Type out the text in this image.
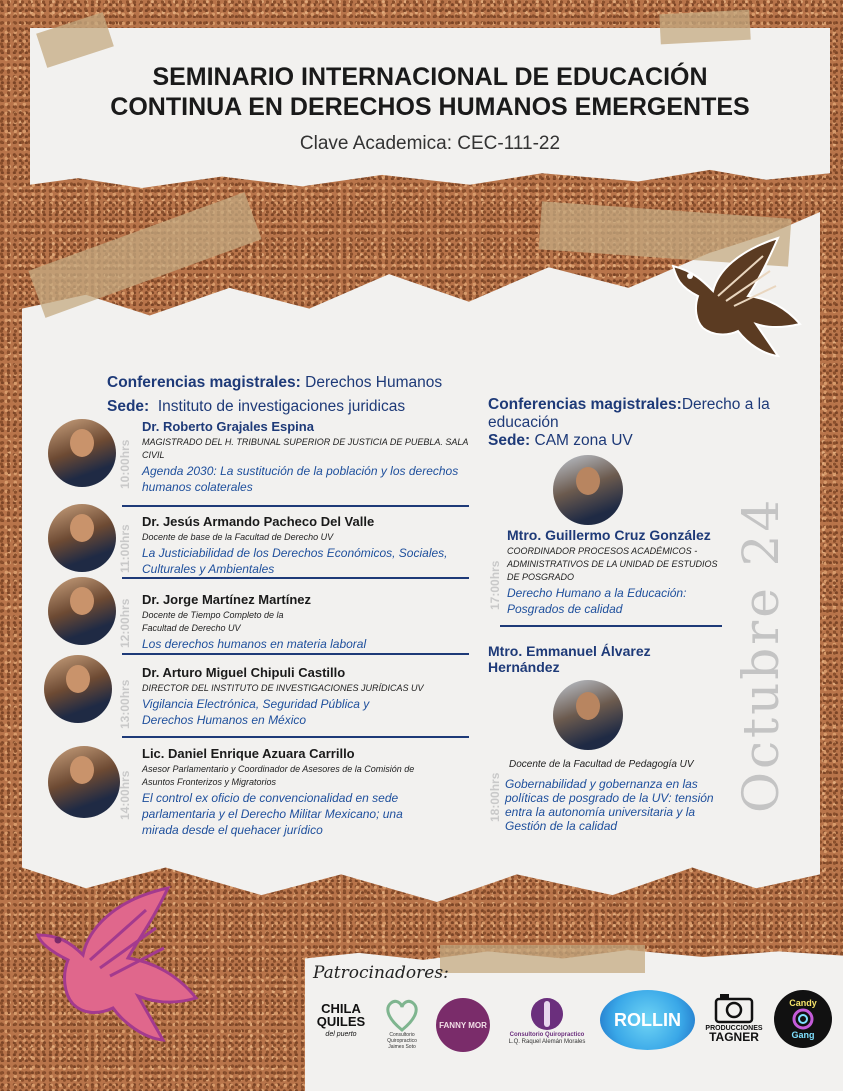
SEMINARIO INTERNACIONAL DE EDUCACIÓN
CONTINUA EN DERECHOS HUMANOS EMERGENTES
Clave Academica: CEC-111-22
Conferencias magistrales: Derechos Humanos
Sede:  Instituto de investigaciones juridicas
10:00hrs
Dr. Roberto Grajales Espina
MAGISTRADO DEL H. TRIBUNAL SUPERIOR DE JUSTICIA DE PUEBLA. SALA CIVIL
Agenda 2030: La sustitución de la población y los derechos humanos colaterales
11:00hrs
Dr. Jesús Armando Pacheco Del Valle
Docente de base de la Facultad de Derecho UV
La Justiciabilidad de los Derechos Económicos, Sociales, Culturales y Ambientales
12:00hrs Dr. Jorge Martínez Martínez
Docente de Tiempo Completo de la Facultad de Derecho UV
Los derechos humanos en materia laboral
13:00hrs
Dr. Arturo Miguel Chipuli Castillo
DIRECTOR DEL INSTITUTO DE INVESTIGACIONES JURÍDICAS UV
Vigilancia Electrónica, Seguridad Pública y Derechos Humanos en México
14:00hrs
Lic. Daniel Enrique Azuara Carrillo
Asesor Parlamentario y Coordinador de Asesores de la Comisión de Asuntos Fronterizos y Migratorios
El control ex oficio de convencionalidad en sede parlamentaria y el Derecho Militar Mexicano; una mirada desde el quehacer jurídico
Conferencias magistrales:Derecho a la educación
Sede: CAM zona UV
17:00hrs
Mtro. Guillermo Cruz González
COORDINADOR PROCESOS ACADÉMICOS -ADMINISTRATIVOS DE LA UNIDAD DE ESTUDIOS DE POSGRADO
Derecho Humano a la Educación: Posgrados de calidad
Mtro. Emmanuel Álvarez Hernández
18:00hrs
Docente de la Facultad de Pedagogía UV
Gobernabilidad y gobernanza en las políticas de posgrado de la UV: tensión entra la autonomía universitaria y la Gestión de la calidad
Octubre 24
Patrocinadores:
CHILA
QUILES
del puerto	Consultorio Quiropractico
Jaimes Soto
FANNY MOR
Consultorio Quiropractico
L.Q. Raquel Alemán Morales
ROLLIN	PRODUCCIONES
TAGNER
Candy
Gang
